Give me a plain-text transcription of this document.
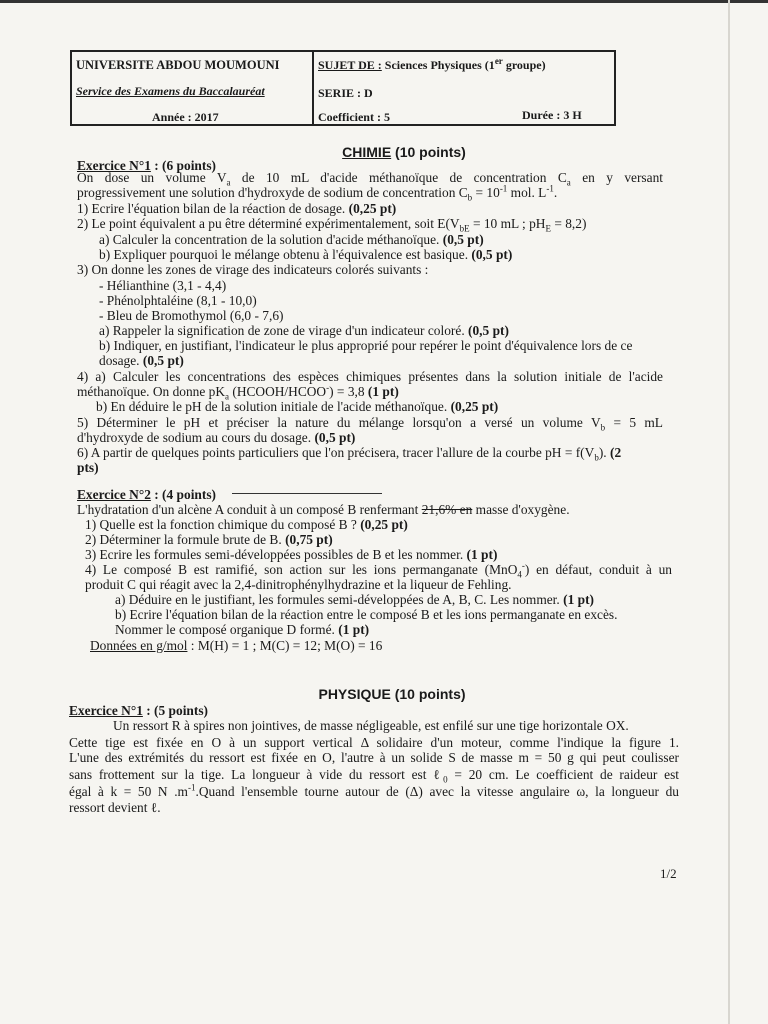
UNIVERSITE ABDOU MOUMOUNI
Service des Examens du Baccalauréat
Année : 2017
SUJET DE : Sciences Physiques (1er groupe)
SERIE : D
Coefficient : 5	Durée : 3 H
CHIMIE (10 points)
Exercice N°1 : (6 points)
On dose un volume $V_a$ de 10 mL d'acide méthanoïque de concentration $C_a$ en y versant
progressivement une solution d'hydroxyde de sodium de concentration $C_b = 10^{-1}$ mol. $L^{-1}$.
1) Ecrire l'équation bilan de la réaction de dosage. (0,25 pt)
2) Le point équivalent a pu être déterminé expérimentalement, soit $E(V_{bE} = 10$ mL ; $pH_E = 8,2$)
a) Calculer la concentration de la solution d'acide méthanoïque. (0,5 pt)
b) Expliquer pourquoi le mélange obtenu à l'équivalence est basique. (0,5 pt)
3) On donne les zones de virage des indicateurs colorés suivants :
- Hélianthine (3,1 - 4,4)
- Phénolphtaléine (8,1 - 10,0)
- Bleu de Bromothymol (6,0 - 7,6)
a) Rappeler la signification de zone de virage d'un indicateur coloré. (0,5 pt)
b) Indiquer, en justifiant, l'indicateur le plus approprié pour repérer le point d'équivalence lors de ce
dosage. (0,5 pt)
4) a) Calculer les concentrations des espèces chimiques présentes dans la solution initiale de l'acide
méthanoïque. On donne $pK_a$ (HCOOH/HCOO-) = 3,8 (1 pt)
b) En déduire le pH de la solution initiale de l'acide méthanoïque. (0,25 pt)
5) Déterminer le pH et préciser la nature du mélange lorsqu'on a versé un volume $V_b = 5$ mL
d'hydroxyde de sodium au cours du dosage. (0,5 pt)
6) A partir de quelques points particuliers que l'on précisera, tracer l'allure de la courbe pH = $f(V_b)$. (2
pts)
Exercice N°2 : (4 points)
L'hydratation d'un alcène A conduit à un composé B renfermant 21,6% en masse d'oxygène.
1) Quelle est la fonction chimique du composé B ? (0,25 pt)
2) Déterminer la formule brute de B. (0,75 pt)
3) Ecrire les formules semi-développées possibles de B et les nommer. (1 pt)
4) Le composé B est ramifié, son action sur les ions permanganate (MnO$_4$-) en défaut, conduit à un
produit C qui réagit avec la 2,4-dinitrophénylhydrazine et la liqueur de Fehling.
a) Déduire en le justifiant, les formules semi-développées de A, B, C. Les nommer. (1 pt)
b) Ecrire l'équation bilan de la réaction entre le composé B et les ions permanganate en excès.
Nommer le composé organique D formé. (1 pt)
Données en g/mol : M(H) = 1 ; M(C) = 12; M(O) = 16
PHYSIQUE (10 points)
Exercice N°1 : (5 points)
Un ressort R à spires non jointives, de masse négligeable, est enfilé sur une tige horizontale OX.
Cette tige est fixée en O à un support vertical Δ solidaire d'un moteur, comme l'indique la figure 1.
L'une des extrémités du ressort est fixée en O, l'autre à un solide S de masse m = 50 g qui peut coulisser
sans frottement sur la tige. La longueur à vide du ressort est ℓ$_0$ = 20 cm. Le coefficient de raideur est
égal à k = 50 N $.m^{-1}.Quand$ l'ensemble tourne autour de (Δ) avec la vitesse angulaire ω, la longueur du
ressort devient ℓ.
1/2
